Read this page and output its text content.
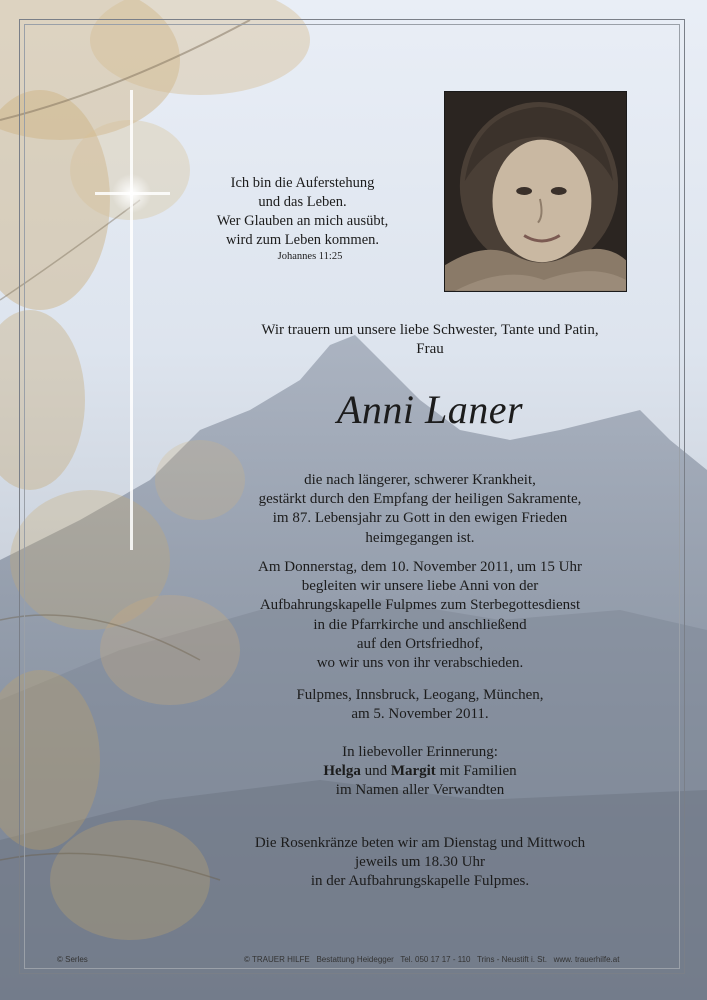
Ich bin die Auferstehung
und das Leben.
Wer Glauben an mich ausübt,
wird zum Leben kommen.
Johannes 11:25
Wir trauern um unsere liebe Schwester, Tante und Patin,
Frau
Anni Laner
die nach längerer, schwerer Krankheit,
gestärkt durch den Empfang der heiligen Sakramente,
im 87. Lebensjahr zu Gott in den ewigen Frieden
heimgegangen ist.
Am Donnerstag, dem 10. November 2011, um 15 Uhr
begleiten wir unsere liebe Anni von der
Aufbahrungskapelle Fulpmes zum Sterbegottesdienst
in die Pfarrkirche und anschließend
auf den Ortsfriedhof,
wo wir uns von ihr verabschieden.
Fulpmes, Innsbruck, Leogang, München,
am 5. November 2011.
In liebevoller Erinnerung:
Helga und Margit mit Familien
im Namen aller Verwandten
Die Rosenkränze beten wir am Dienstag und Mittwoch
jeweils um 18.30 Uhr
in der Aufbahrungskapelle Fulpmes.
© Serles	© TRAUER HILFE Bestattung Heidegger Tel. 050 17 17 - 110 Trins - Neustift i. St. www. trauerhilfe.at
